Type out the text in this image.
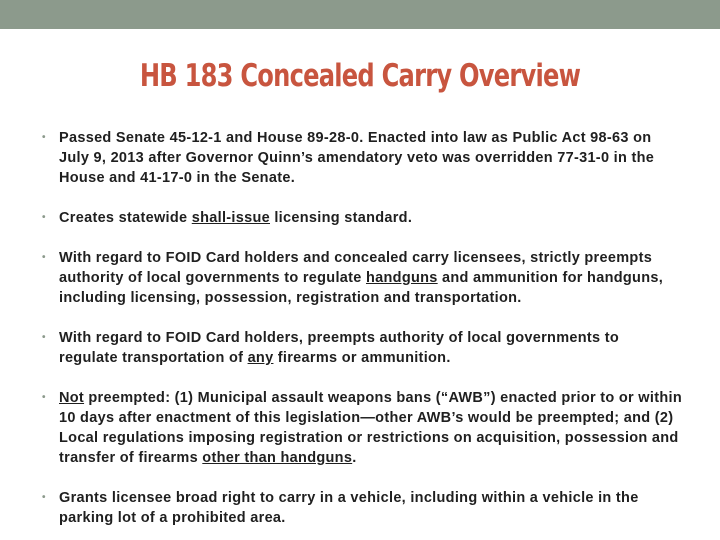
HB 183 Concealed Carry Overview
• Passed Senate 45-12-1 and House 89-28-0. Enacted into law as Public Act 98-63 on July 9, 2013 after Governor Quinn’s amendatory veto was overridden 77-31-0 in the House and 41-17-0 in the Senate.
• Creates statewide shall-issue licensing standard.
• With regard to FOID Card holders and concealed carry licensees, strictly preempts authority of local governments to regulate handguns and ammunition for handguns, including licensing, possession, registration and transportation.
• With regard to FOID Card holders, preempts authority of local governments to regulate transportation of any firearms or ammunition.
• Not preempted: (1) Municipal assault weapons bans (“AWB”) enacted prior to or within 10 days after enactment of this legislation—other AWB’s would be preempted; and (2) Local regulations imposing registration or restrictions on acquisition, possession and transfer of firearms other than handguns.
• Grants licensee broad right to carry in a vehicle, including within a vehicle in the parking lot of a prohibited area.
